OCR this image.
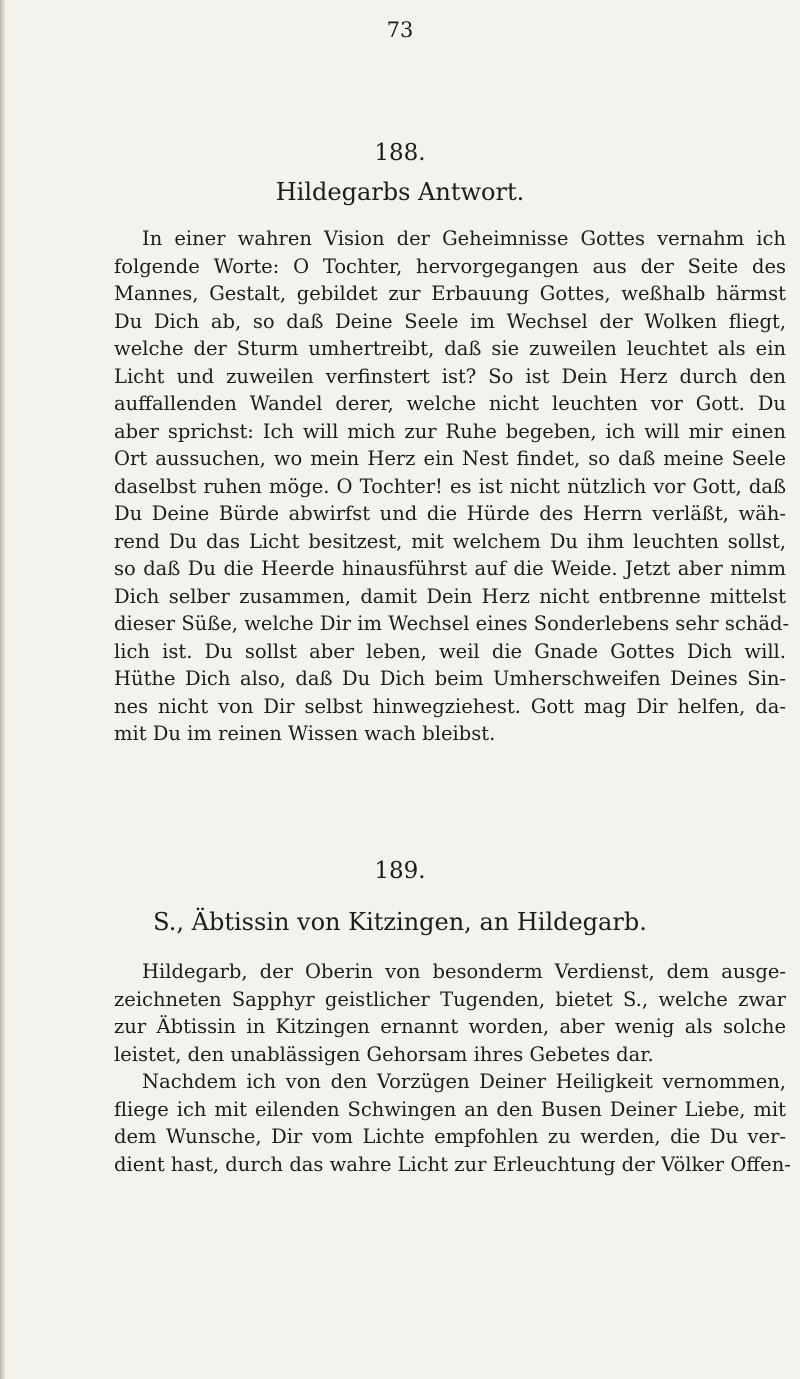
73
188.
Hildegarbs Antwort.
In einer wahren Vision der Geheimnisse Gottes vernahm ich
folgende Worte: O Tochter, hervorgegangen aus der Seite des
Mannes, Gestalt, gebildet zur Erbauung Gottes, weßhalb härmst
Du Dich ab, so daß Deine Seele im Wechsel der Wolken fliegt,
welche der Sturm umhertreibt, daß sie zuweilen leuchtet als ein
Licht und zuweilen verfinstert ist? So ist Dein Herz durch den
auffallenden Wandel derer, welche nicht leuchten vor Gott. Du
aber sprichst: Ich will mich zur Ruhe begeben, ich will mir einen
Ort aussuchen, wo mein Herz ein Nest findet, so daß meine Seele
daselbst ruhen möge. O Tochter! es ist nicht nützlich vor Gott, daß
Du Deine Bürde abwirfst und die Hürde des Herrn verläßt, wäh-
rend Du das Licht besitzest, mit welchem Du ihm leuchten sollst,
so daß Du die Heerde hinausführst auf die Weide. Jetzt aber nimm
Dich selber zusammen, damit Dein Herz nicht entbrenne mittelst
dieser Süße, welche Dir im Wechsel eines Sonderlebens sehr schäd-
lich ist. Du sollst aber leben, weil die Gnade Gottes Dich will.
Hüthe Dich also, daß Du Dich beim Umherschweifen Deines Sin-
nes nicht von Dir selbst hinwegziehest. Gott mag Dir helfen, da-
mit Du im reinen Wissen wach bleibst.
189.
S., Äbtissin von Kitzingen, an Hildegarb.
Hildegarb, der Oberin von besonderm Verdienst, dem ausge-
zeichneten Sapphyr geistlicher Tugenden, bietet S., welche zwar
zur Äbtissin in Kitzingen ernannt worden, aber wenig als solche
leistet, den unablässigen Gehorsam ihres Gebetes dar.
Nachdem ich von den Vorzügen Deiner Heiligkeit vernommen,
fliege ich mit eilenden Schwingen an den Busen Deiner Liebe, mit
dem Wunsche, Dir vom Lichte empfohlen zu werden, die Du ver-
dient hast, durch das wahre Licht zur Erleuchtung der Völker Offen-
